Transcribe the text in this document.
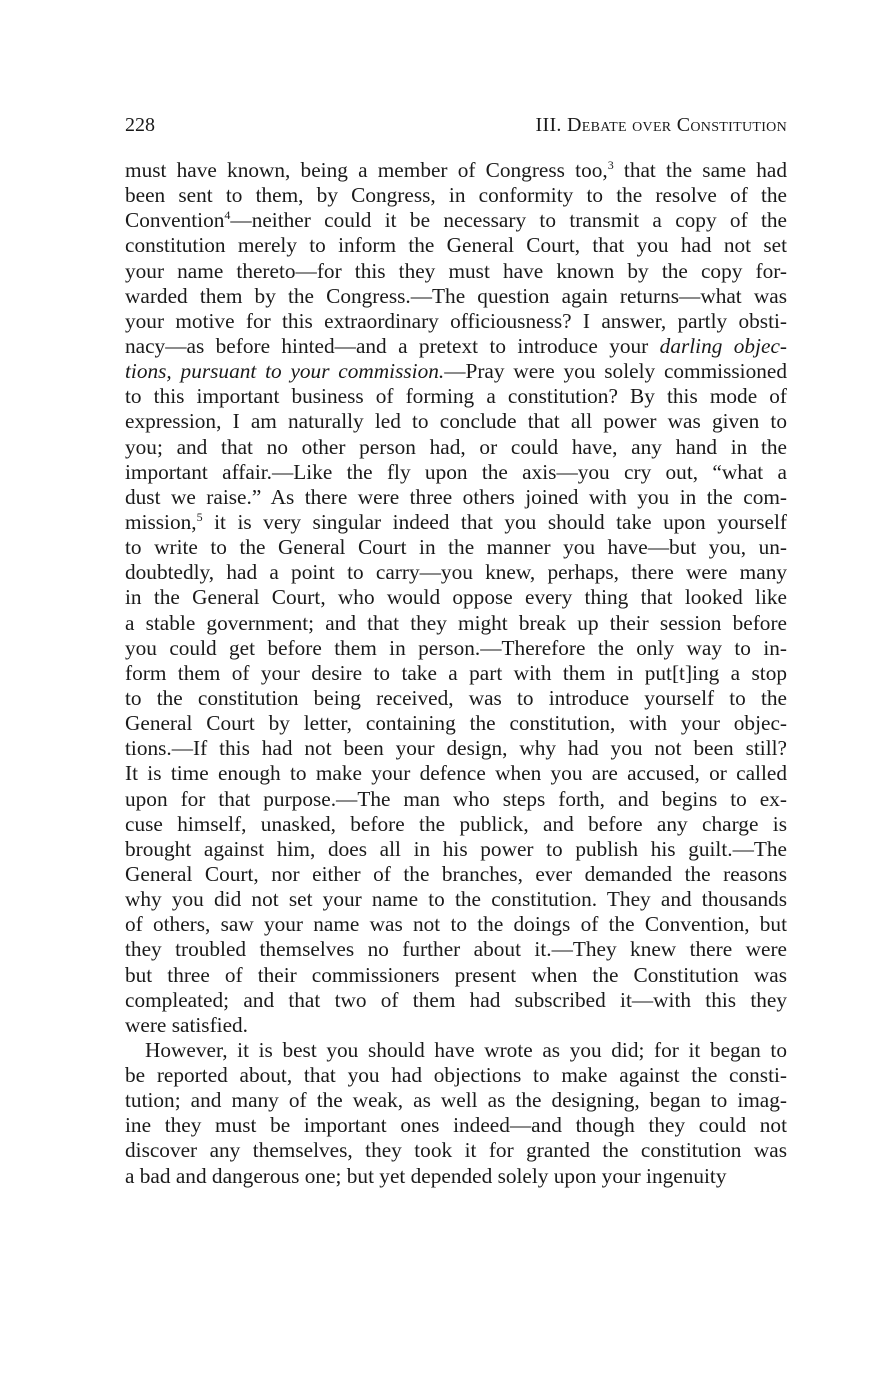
228	III. Debate over Constitution
must have known, being a member of Congress too,$^3$ that the same had
been sent to them, by Congress, in conformity to the resolve of the
Convention$^4$—neither could it be necessary to transmit a copy of the
constitution merely to inform the General Court, that you had not set
your name thereto—for this they must have known by the copy for-
warded them by the Congress.—The question again returns—what was
your motive for this extraordinary officiousness? I answer, partly obsti-
nacy—as before hinted—and a pretext to introduce your darling objec-
tions, pursuant to your commission.—Pray were you solely commissioned
to this important business of forming a constitution? By this mode of
expression, I am naturally led to conclude that all power was given to
you; and that no other person had, or could have, any hand in the
important affair.—Like the fly upon the axis—you cry out, “what a
dust we raise.” As there were three others joined with you in the com-
mission,$^5$ it is very singular indeed that you should take upon yourself
to write to the General Court in the manner you have—but you, un-
doubtedly, had a point to carry—you knew, perhaps, there were many
in the General Court, who would oppose every thing that looked like
a stable government; and that they might break up their session before
you could get before them in person.—Therefore the only way to in-
form them of your desire to take a part with them in put[t]ing a stop
to the constitution being received, was to introduce yourself to the
General Court by letter, containing the constitution, with your objec-
tions.—If this had not been your design, why had you not been still?
It is time enough to make your defence when you are accused, or called
upon for that purpose.—The man who steps forth, and begins to ex-
cuse himself, unasked, before the publick, and before any charge is
brought against him, does all in his power to publish his guilt.—The
General Court, nor either of the branches, ever demanded the reasons
why you did not set your name to the constitution. They and thousands
of others, saw your name was not to the doings of the Convention, but
they troubled themselves no further about it.—They knew there were
but three of their commissioners present when the Constitution was
compleated; and that two of them had subscribed it—with this they
were satisfied.
However, it is best you should have wrote as you did; for it began to
be reported about, that you had objections to make against the consti-
tution; and many of the weak, as well as the designing, began to imag-
ine they must be important ones indeed—and though they could not
discover any themselves, they took it for granted the constitution was
a bad and dangerous one; but yet depended solely upon your ingenuity
